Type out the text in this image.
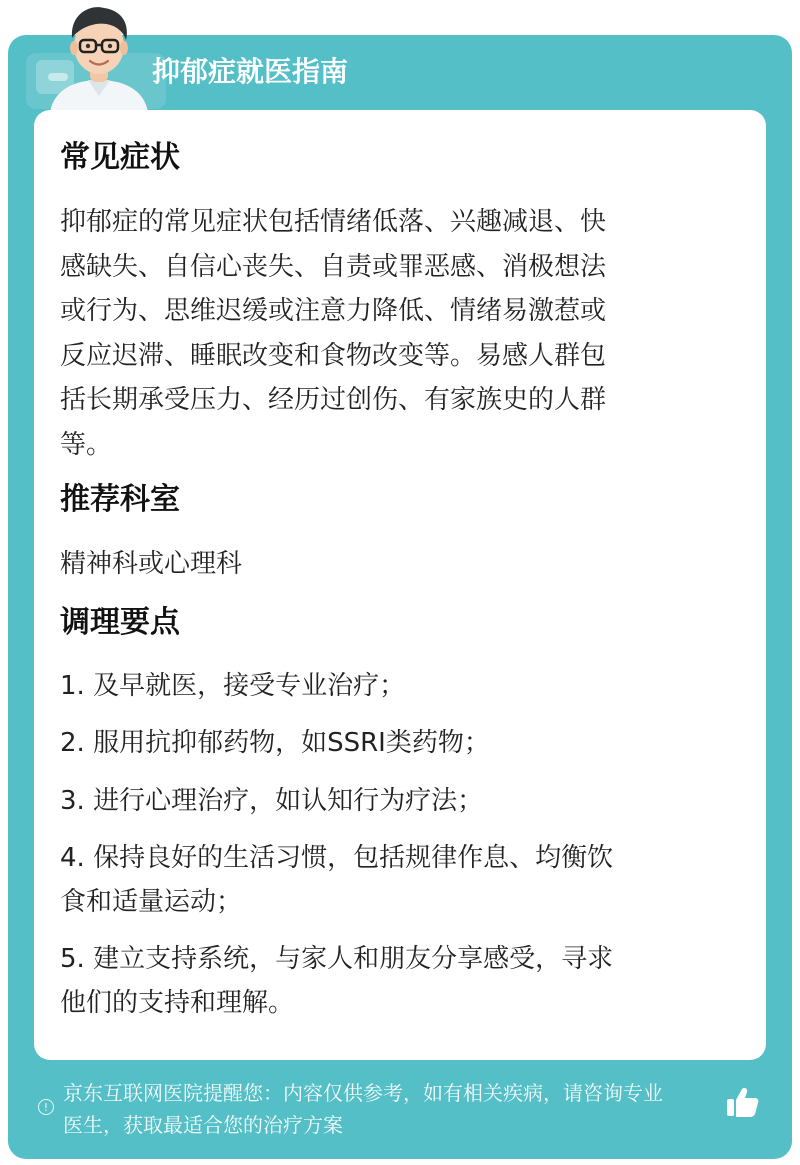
抑郁症就医指南
常见症状
抑郁症的常见症状包括情绪低落、兴趣减退、快
感缺失、自信心丧失、自责或罪恶感、消极想法
或行为、思维迟缓或注意力降低、情绪易激惹或
反应迟滞、睡眠改变和食物改变等。易感人群包
括长期承受压力、经历过创伤、有家族史的人群
等。
推荐科室
精神科或心理科
调理要点
1. 及早就医，接受专业治疗；
2. 服用抗抑郁药物，如SSRI类药物；
3. 进行心理治疗，如认知行为疗法；
4. 保持良好的生活习惯，包括规律作息、均衡饮
食和适量运动；
5. 建立支持系统，与家人和朋友分享感受，寻求
他们的支持和理解。
!
京东互联网医院提醒您：内容仅供参考，如有相关疾病，请咨询专业
医生，获取最适合您的治疗方案
